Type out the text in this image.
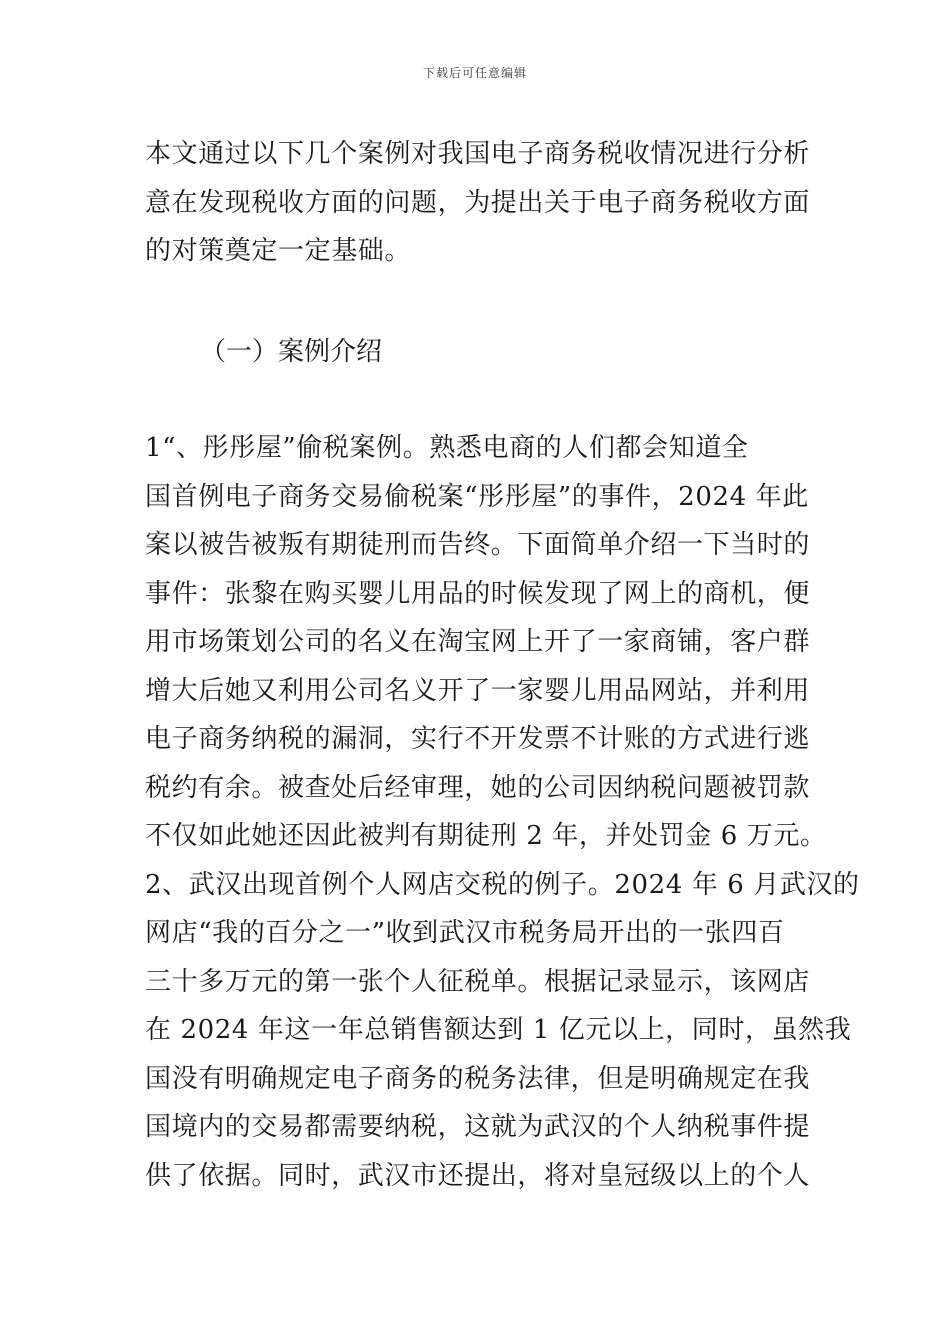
下载后可任意编辑
本文通过以下几个案例对我国电子商务税收情况进行分析
意在发现税收方面的问题，为提出关于电子商务税收方面
的对策奠定一定基础。
（一）案例介绍
1“、彤彤屋”偷税案例。熟悉电商的人们都会知道全
国首例电子商务交易偷税案“彤彤屋”的事件，2024 年此
案以被告被叛有期徒刑而告终。下面简单介绍一下当时的
事件：张黎在购买婴儿用品的时候发现了网上的商机，便
用市场策划公司的名义在淘宝网上开了一家商铺，客户群
增大后她又利用公司名义开了一家婴儿用品网站，并利用
电子商务纳税的漏洞，实行不开发票不计账的方式进行逃
税约有余。被查处后经审理，她的公司因纳税问题被罚款
不仅如此她还因此被判有期徒刑 2 年，并处罚金 6 万元。
2、武汉出现首例个人网店交税的例子。2024 年 6 月武汉的
网店“我的百分之一”收到武汉市税务局开出的一张四百
三十多万元的第一张个人征税单。根据记录显示，该网店
在 2024 年这一年总销售额达到 1 亿元以上，同时，虽然我
国没有明确规定电子商务的税务法律，但是明确规定在我
国境内的交易都需要纳税，这就为武汉的个人纳税事件提
供了依据。同时，武汉市还提出，将对皇冠级以上的个人
